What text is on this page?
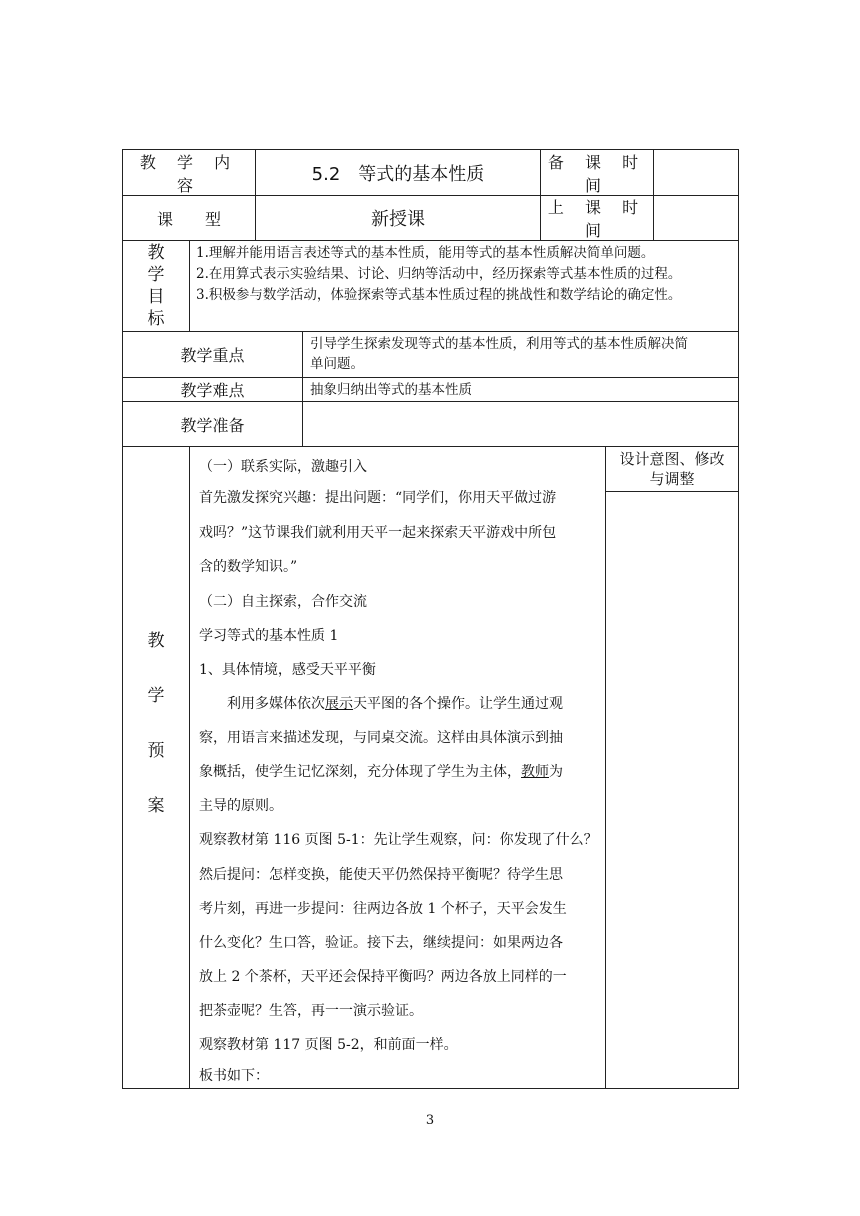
教 学 内 容
5.2　等式的基本性质
备 课 时 间
课　　型	新授课
上 课 时 间
教
学
目
标
1.理解并能用语言表述等式的基本性质，能用等式的基本性质解决简单问题。
2.在用算式表示实验结果、讨论、归纳等活动中，经历探索等式基本性质的过程。
3.积极参与数学活动，体验探索等式基本性质过程的挑战性和数学结论的确定性。
教学重点
引导学生探索发现等式的基本性质，利用等式的基本性质解决简
单问题。
教学难点	抽象归纳出等式的基本性质
教学准备
教
学
预
案
设计意图、修改
与调整
（一）联系实际，激趣引入
首先激发探究兴趣：提出问题：“同学们，你用天平做过游
戏吗？”这节课我们就利用天平一起来探索天平游戏中所包
含的数学知识。”
（二）自主探索，合作交流
学习等式的基本性质 1
1、具体情境，感受天平平衡
利用多媒体依次展示天平图的各个操作。让学生通过观
察，用语言来描述发现，与同桌交流。这样由具体演示到抽
象概括，使学生记忆深刻，充分体现了学生为主体，教师为
主导的原则。
观察教材第 116 页图 5-1：先让学生观察，问：你发现了什么？
然后提问：怎样变换，能使天平仍然保持平衡呢？待学生思
考片刻，再进一步提问：往两边各放 1 个杯子，天平会发生
什么变化？生口答，验证。接下去，继续提问：如果两边各
放上 2 个茶杯，天平还会保持平衡吗？两边各放上同样的一
把茶壶呢？生答，再一一演示验证。
观察教材第 117 页图 5-2，和前面一样。
板书如下：
3
